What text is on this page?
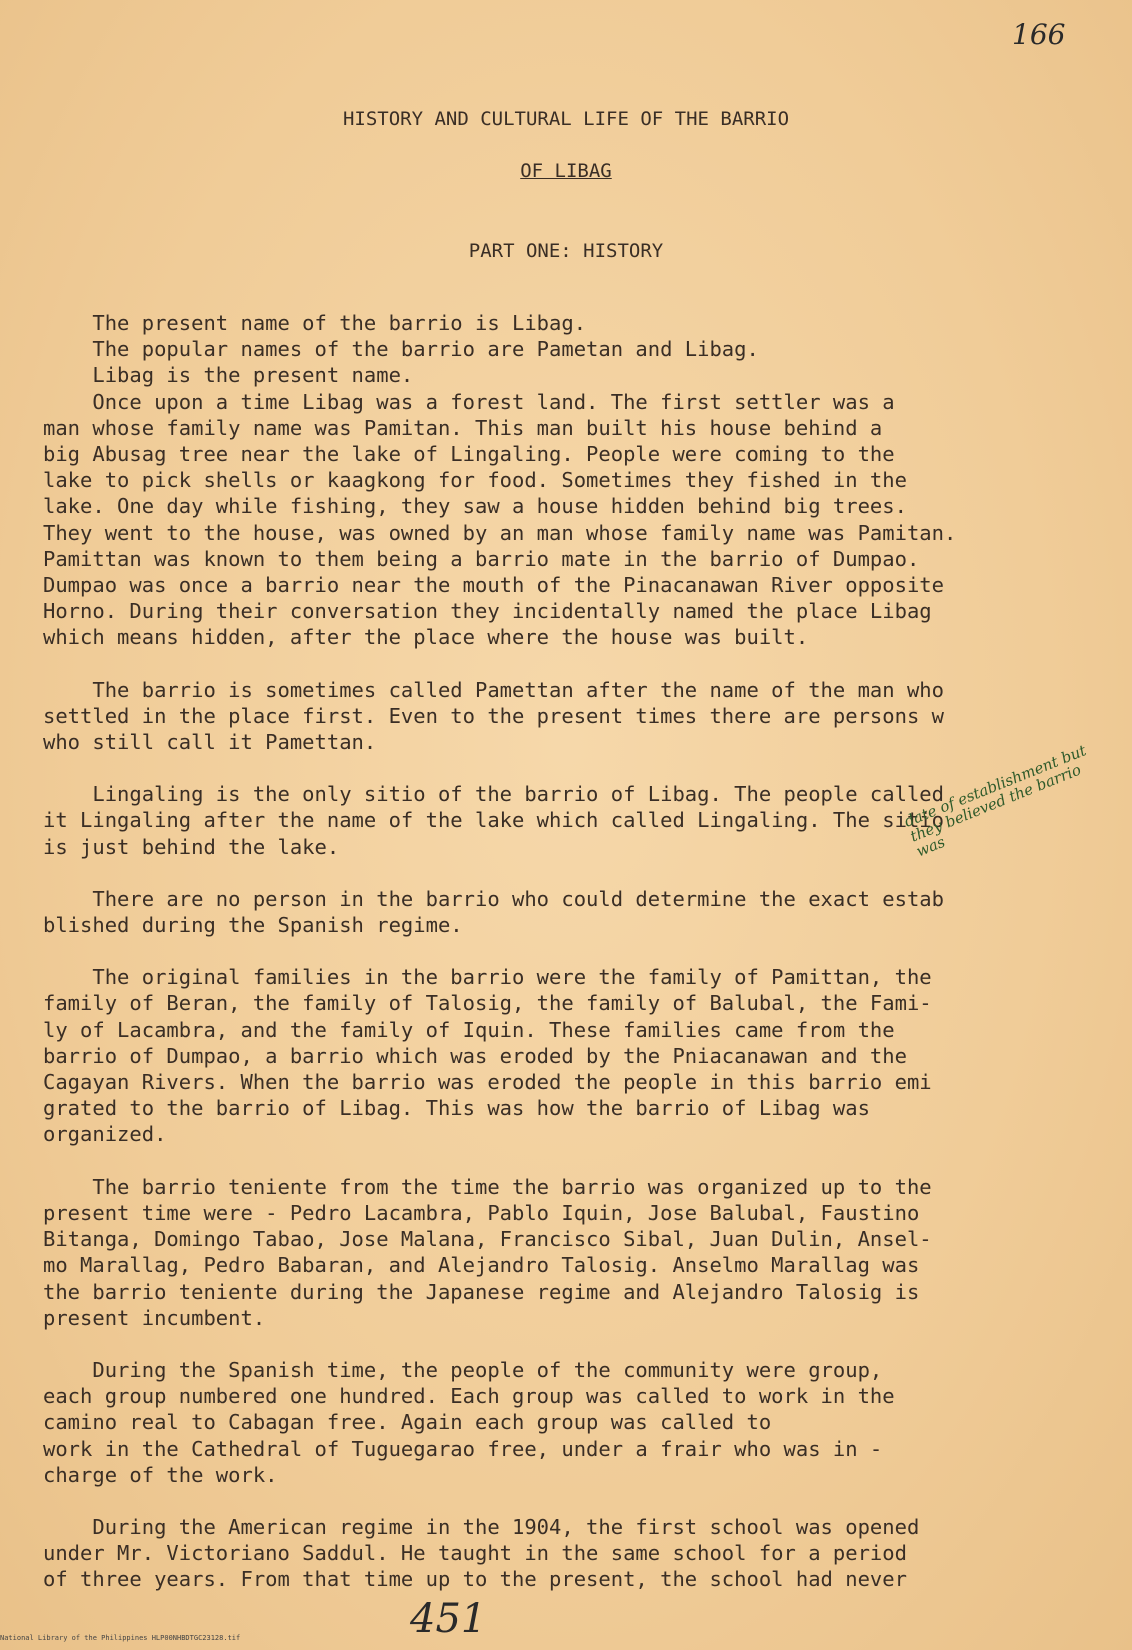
166
HISTORY AND CULTURAL LIFE OF THE BARRIO
OF LIBAG
PART ONE: HISTORY
The present name of the barrio is Libag.
The popular names of the barrio are Pametan and Libag.
Libag is the present name.
Once upon a time Libag was a forest land. The first settler was a
man whose family name was Pamitan. This man built his house behind a
big Abusag tree near the lake of Lingaling. People were coming to the
lake to pick shells or kaagkong for food. Sometimes they fished in the
lake. One day while fishing, they saw a house hidden behind big trees.
They went to the house, was owned by an man whose family name was Pamitan.
Pamittan was known to them being a barrio mate in the barrio of Dumpao.
Dumpao was once a barrio near the mouth of the Pinacanawan River opposite
Horno. During their conversation they incidentally named the place Libag
which means hidden, after the place where the house was built.
The barrio is sometimes called Pamettan after the name of the man who
settled in the place first. Even to the present times there are persons w
who still call it Pamettan.
Lingaling is the only sitio of the barrio of Libag. The people called
it Lingaling after the name of the lake which called Lingaling. The sitio
is just behind the lake.
There are no person in the barrio who could determine the exact estab
blished during the Spanish regime.
The original families in the barrio were the family of Pamittan, the
family of Beran, the family of Talosig, the family of Balubal, the Fami-
ly of Lacambra, and the family of Iquin. These families came from the
barrio of Dumpao, a barrio which was eroded by the Pniacanawan and the
Cagayan Rivers. When the barrio was eroded the people in this barrio emi
grated to the barrio of Libag. This was how the barrio of Libag was
organized.
The barrio teniente from the time the barrio was organized up to the
present time were - Pedro Lacambra, Pablo Iquin, Jose Balubal, Faustino
Bitanga, Domingo Tabao, Jose Malana, Francisco Sibal, Juan Dulin, Ansel-
mo Marallag, Pedro Babaran, and Alejandro Talosig. Anselmo Marallag was
the barrio teniente during the Japanese regime and Alejandro Talosig is
present incumbent.
During the Spanish time, the people of the community were group,
each group numbered one hundred. Each group was called to work in the
camino real to Cabagan free. Again each group was called to
work in the Cathedral of Tuguegarao free, under a frair who was in -
charge of the work.
During the American regime in the 1904, the first school was opened
under Mr. Victoriano Saddul. He taught in the same school for a period
of three years. From that time up to the present, the school had never
date of establishment but they believed the barrio was
National Library of the Philippines HLP00NHBDTGC23128.tif	451
